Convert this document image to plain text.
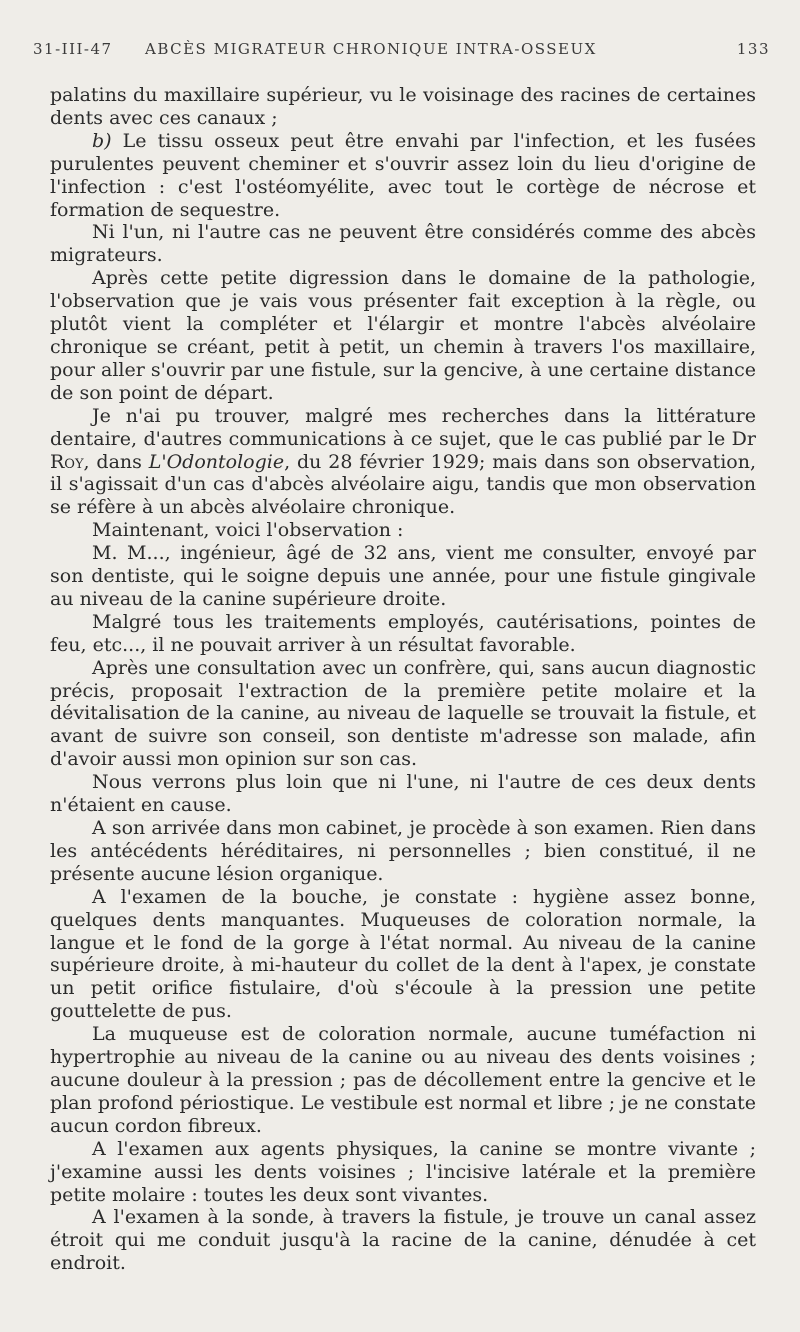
31-III-47 ABCÈS MIGRATEUR CHRONIQUE INTRA-OSSEUX	133

palatins du maxillaire supérieur, vu le voisinage des racines de certaines dents avec ces canaux ;

b) Le tissu osseux peut être envahi par l'infection, et les fusées purulentes peuvent cheminer et s'ouvrir assez loin du lieu d'origine de l'infection : c'est l'ostéomyélite, avec tout le cortège de nécrose et formation de sequestre.

Ni l'un, ni l'autre cas ne peuvent être considérés comme des abcès migrateurs.

Après cette petite digression dans le domaine de la pathologie, l'observation que je vais vous présenter fait exception à la règle, ou plutôt vient la compléter et l'élargir et montre l'abcès alvéolaire chronique se créant, petit à petit, un chemin à travers l'os maxillaire, pour aller s'ouvrir par une fistule, sur la gencive, à une certaine distance de son point de départ.

Je n'ai pu trouver, malgré mes recherches dans la littérature dentaire, d'autres communications à ce sujet, que le cas publié par le Dr Roy, dans L'Odontologie, du 28 février 1929; mais dans son observation, il s'agissait d'un cas d'abcès alvéolaire aigu, tandis que mon observation se réfère à un abcès alvéolaire chronique.

Maintenant, voici l'observation :

M. M..., ingénieur, âgé de 32 ans, vient me consulter, envoyé par son dentiste, qui le soigne depuis une année, pour une fistule gingivale au niveau de la canine supérieure droite.

Malgré tous les traitements employés, cautérisations, pointes de feu, etc..., il ne pouvait arriver à un résultat favorable.

Après une consultation avec un confrère, qui, sans aucun diagnostic précis, proposait l'extraction de la première petite molaire et la dévitalisation de la canine, au niveau de laquelle se trouvait la fistule, et avant de suivre son conseil, son dentiste m'adresse son malade, afin d'avoir aussi mon opinion sur son cas.

Nous verrons plus loin que ni l'une, ni l'autre de ces deux dents n'étaient en cause.

A son arrivée dans mon cabinet, je procède à son examen. Rien dans les antécédents héréditaires, ni personnelles ; bien constitué, il ne présente aucune lésion organique.

A l'examen de la bouche, je constate : hygiène assez bonne, quelques dents manquantes. Muqueuses de coloration normale, la langue et le fond de la gorge à l'état normal. Au niveau de la canine supérieure droite, à mi-hauteur du collet de la dent à l'apex, je constate un petit orifice fistulaire, d'où s'écoule à la pression une petite gouttelette de pus.

La muqueuse est de coloration normale, aucune tuméfaction ni hypertrophie au niveau de la canine ou au niveau des dents voisines ; aucune douleur à la pression ; pas de décollement entre la gencive et le plan profond périostique. Le vestibule est normal et libre ; je ne constate aucun cordon fibreux.

A l'examen aux agents physiques, la canine se montre vivante ; j'examine aussi les dents voisines ; l'incisive latérale et la première petite molaire : toutes les deux sont vivantes.

A l'examen à la sonde, à travers la fistule, je trouve un canal assez étroit qui me conduit jusqu'à la racine de la canine, dénudée à cet endroit.
